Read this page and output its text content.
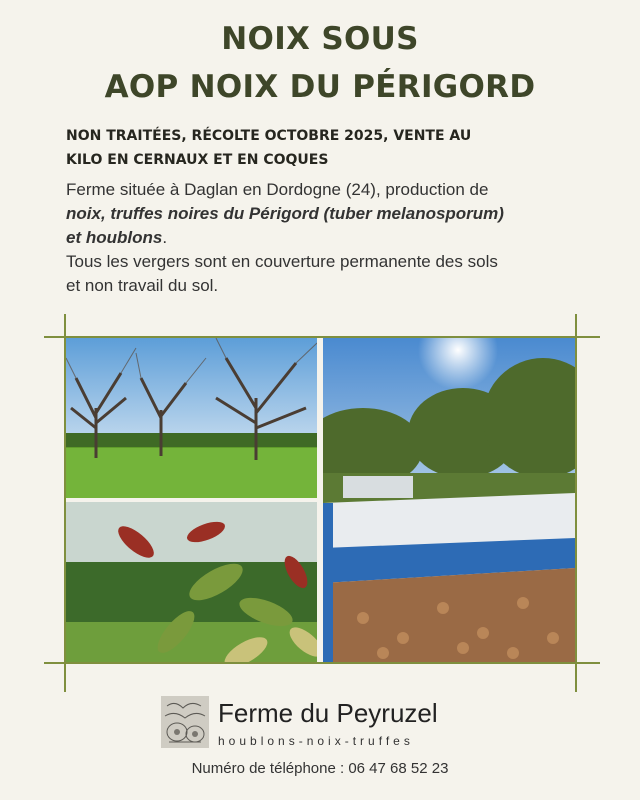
NOIX SOUS
AOP NOIX DU PÉRIGORD
NON TRAITÉES, RÉCOLTE OCTOBRE 2025, VENTE AU
KILO EN CERNAUX ET EN COQUES
Ferme située à Daglan en Dordogne (24), production de
noix, truffes noires du Périgord (tuber melanosporum)
et houblons.
Tous les vergers sont en couverture permanente des sols
et non travail du sol.
Ferme du Peyruzel
houblons-noix-truffes
Numéro de téléphone : 06 47 68 52 23
